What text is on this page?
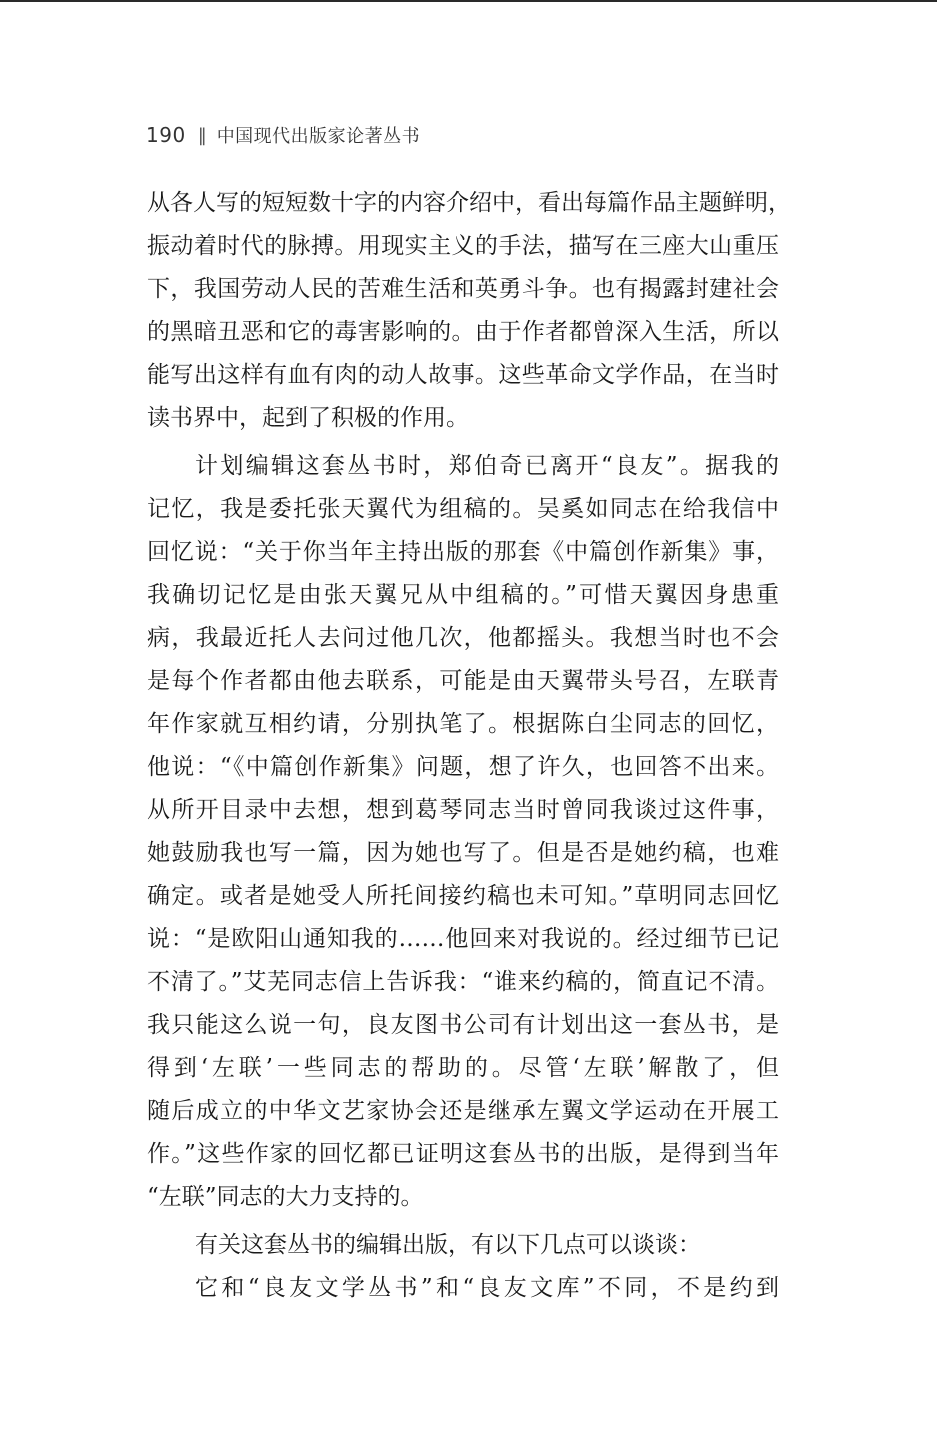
190 ‖ 中国现代出版家论著丛书
从各人写的短短数十字的内容介绍中，看出每篇作品主题鲜明，
振动着时代的脉搏。用现实主义的手法，描写在三座大山重压
下，我国劳动人民的苦难生活和英勇斗争。也有揭露封建社会
的黑暗丑恶和它的毒害影响的。由于作者都曾深入生活，所以
能写出这样有血有肉的动人故事。这些革命文学作品，在当时
读书界中，起到了积极的作用。
计划编辑这套丛书时，郑伯奇已离开“良友”。据我的
记忆，我是委托张天翼代为组稿的。吴奚如同志在给我信中
回忆说：“关于你当年主持出版的那套《中篇创作新集》事，
我确切记忆是由张天翼兄从中组稿的。”可惜天翼因身患重
病，我最近托人去问过他几次，他都摇头。我想当时也不会
是每个作者都由他去联系，可能是由天翼带头号召，左联青
年作家就互相约请，分别执笔了。根据陈白尘同志的回忆，
他说：“《中篇创作新集》问题，想了许久，也回答不出来。
从所开目录中去想，想到葛琴同志当时曾同我谈过这件事，
她鼓励我也写一篇，因为她也写了。但是否是她约稿，也难
确定。或者是她受人所托间接约稿也未可知。”草明同志回忆
说：“是欧阳山通知我的……他回来对我说的。经过细节已记
不清了。”艾芜同志信上告诉我：“谁来约稿的，简直记不清。
我只能这么说一句，良友图书公司有计划出这一套丛书，是
得到‘左联’一些同志的帮助的。尽管‘左联’解散了，但
随后成立的中华文艺家协会还是继承左翼文学运动在开展工
作。”这些作家的回忆都已证明这套丛书的出版，是得到当年
“左联”同志的大力支持的。
有关这套丛书的编辑出版，有以下几点可以谈谈：
它和“良友文学丛书”和“良友文库”不同，不是约到
